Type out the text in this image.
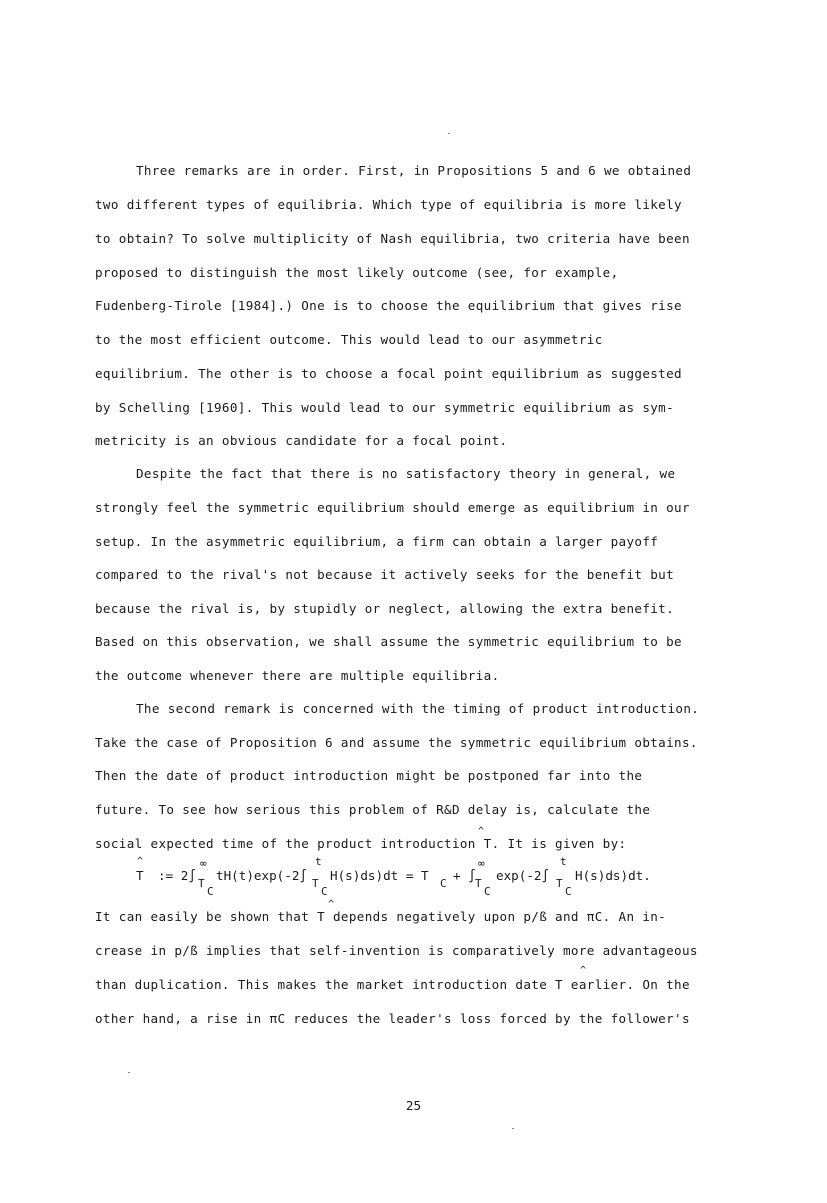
Three remarks are in order. First, in Propositions 5 and 6 we obtained
two different types of equilibria. Which type of equilibria is more likely
to obtain? To solve multiplicity of Nash equilibria, two criteria have been
proposed to distinguish the most likely outcome (see, for example,
Fudenberg-Tirole [1984].) One is to choose the equilibrium that gives rise
to the most efficient outcome. This would lead to our asymmetric
equilibrium. The other is to choose a focal point equilibrium as suggested
by Schelling [1960]. This would lead to our symmetric equilibrium as sym-
metricity is an obvious candidate for a focal point.
Despite the fact that there is no satisfactory theory in general, we
strongly feel the symmetric equilibrium should emerge as equilibrium in our
setup. In the asymmetric equilibrium, a firm can obtain a larger payoff
compared to the rival's not because it actively seeks for the benefit but
because the rival is, by stupidly or neglect, allowing the extra benefit.
Based on this observation, we shall assume the symmetric equilibrium to be
the outcome whenever there are multiple equilibria.
The second remark is concerned with the timing of product introduction.
Take the case of Proposition 6 and assume the symmetric equilibrium obtains.
Then the date of product introduction might be postponed far into the
future. To see how serious this problem of R&D delay is, calculate the
social expected time of the product introduction T. It is given by:
^

^

T

:= 2∫

∞

T

C

tH(t)exp(-2∫

t

T

C

H(s)ds)dt = T

C

+ ∫

∞

T

C

exp(-2∫

t

T

C

H(s)ds)dt.

^
It can easily be shown that T depends negatively upon p/ß and πC. An in-
crease in p/ß implies that self-invention is comparatively more advantageous
^
than duplication. This makes the market introduction date T earlier. On the
other hand, a rise in πC reduces the leader's loss forced by the follower's
25
